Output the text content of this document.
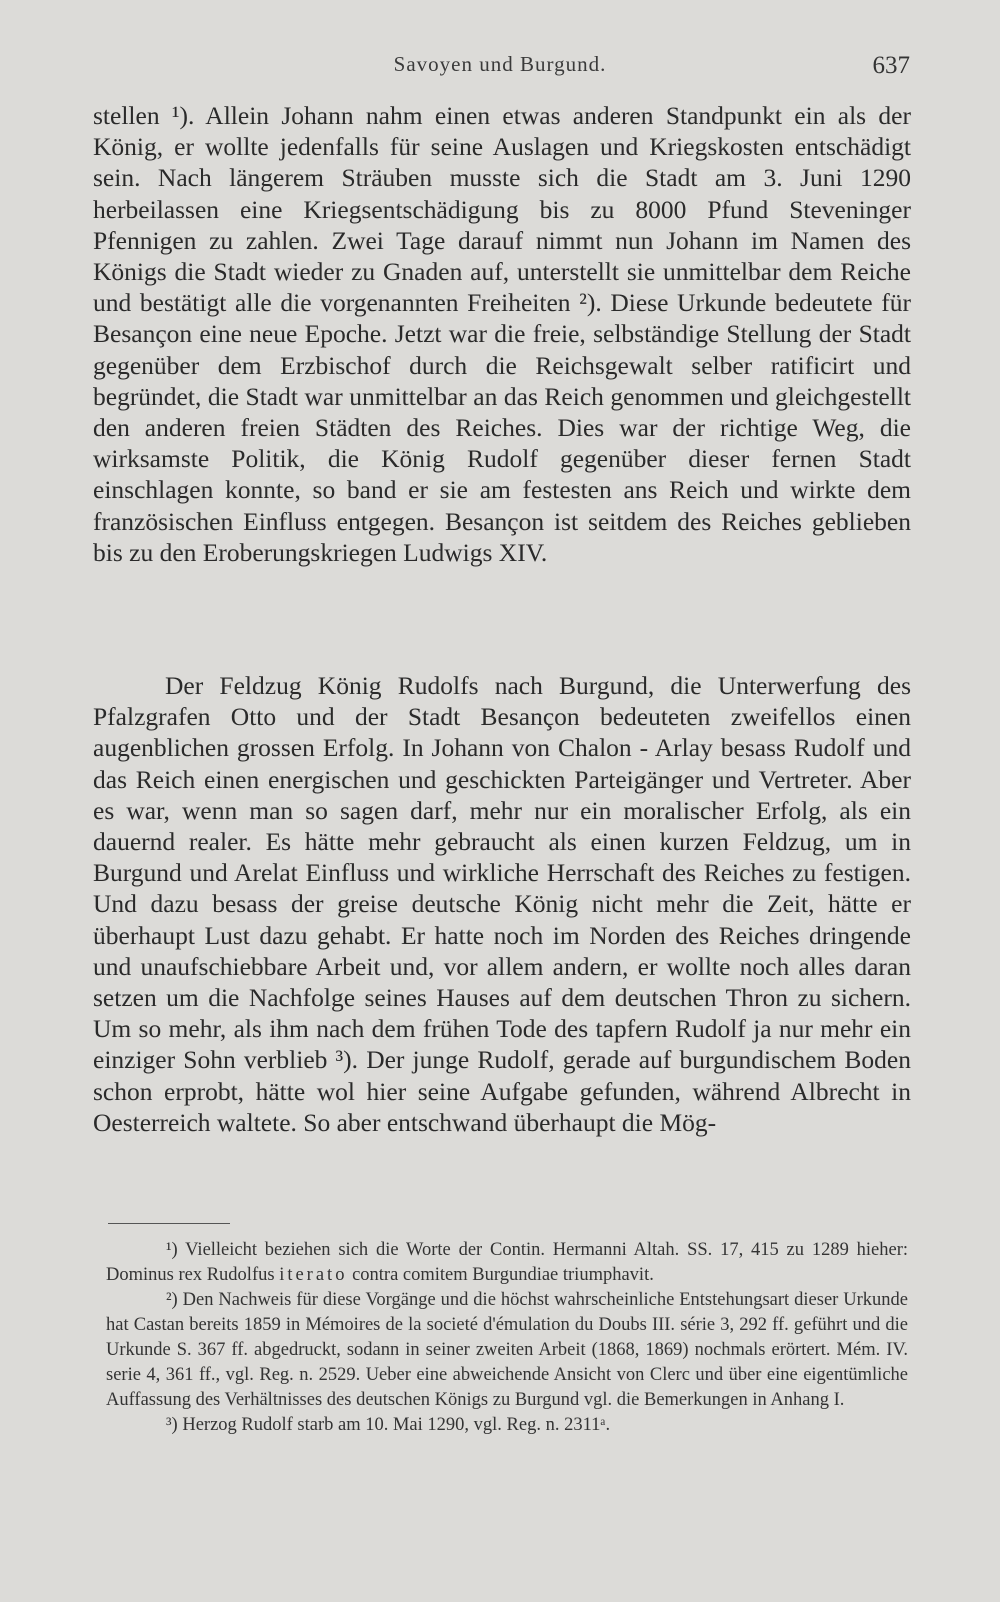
Savoyen und Burgund.	637

stellen ¹). Allein Johann nahm einen etwas anderen Standpunkt ein als der König, er wollte jedenfalls für seine Auslagen und Kriegskosten entschädigt sein. Nach längerem Sträuben musste sich die Stadt am 3. Juni 1290 herbeilassen eine Kriegsentschädigung bis zu 8000 Pfund Steveninger Pfennigen zu zahlen. Zwei Tage darauf nimmt nun Johann im Namen des Königs die Stadt wieder zu Gnaden auf, unterstellt sie unmittelbar dem Reiche und bestätigt alle die vorgenannten Freiheiten ²). Diese Urkunde bedeutete für Besançon eine neue Epoche. Jetzt war die freie, selbständige Stellung der Stadt gegenüber dem Erzbischof durch die Reichsgewalt selber ratificirt und begründet, die Stadt war unmittelbar an das Reich genommen und gleichgestellt den anderen freien Städten des Reiches. Dies war der richtige Weg, die wirksamste Politik, die König Rudolf gegenüber dieser fernen Stadt einschlagen konnte, so band er sie am festesten ans Reich und wirkte dem französischen Einfluss entgegen. Besançon ist seitdem des Reiches geblieben bis zu den Eroberungskriegen Ludwigs XIV.

Der Feldzug König Rudolfs nach Burgund, die Unterwerfung des Pfalzgrafen Otto und der Stadt Besançon bedeuteten zweifellos einen augenblichen grossen Erfolg. In Johann von Chalon - Arlay besass Rudolf und das Reich einen energischen und geschickten Parteigänger und Vertreter. Aber es war, wenn man so sagen darf, mehr nur ein moralischer Erfolg, als ein dauernd realer. Es hätte mehr gebraucht als einen kurzen Feldzug, um in Burgund und Arelat Einfluss und wirkliche Herrschaft des Reiches zu festigen. Und dazu besass der greise deutsche König nicht mehr die Zeit, hätte er überhaupt Lust dazu gehabt. Er hatte noch im Norden des Reiches dringende und unaufschiebbare Arbeit und, vor allem andern, er wollte noch alles daran setzen um die Nachfolge seines Hauses auf dem deutschen Thron zu sichern. Um so mehr, als ihm nach dem frühen Tode des tapfern Rudolf ja nur mehr ein einziger Sohn verblieb ³). Der junge Rudolf, gerade auf burgundischem Boden schon erprobt, hätte wol hier seine Aufgabe gefunden, während Albrecht in Oesterreich waltete. So aber entschwand überhaupt die Mög-

¹) Vielleicht beziehen sich die Worte der Contin. Hermanni Altah. SS. 17, 415 zu 1289 hieher: Dominus rex Rudolfus iterato contra comitem Burgundiae triumphavit.

²) Den Nachweis für diese Vorgänge und die höchst wahrscheinliche Entstehungsart dieser Urkunde hat Castan bereits 1859 in Mémoires de la societé d'émulation du Doubs III. série 3, 292 ff. geführt und die Urkunde S. 367 ff. abgedruckt, sodann in seiner zweiten Arbeit (1868, 1869) nochmals erörtert. Mém. IV. serie 4, 361 ff., vgl. Reg. n. 2529. Ueber eine abweichende Ansicht von Clerc und über eine eigentümliche Auffassung des Verhältnisses des deutschen Königs zu Burgund vgl. die Bemerkungen in Anhang I.

³) Herzog Rudolf starb am 10. Mai 1290, vgl. Reg. n. 2311ᵃ.
